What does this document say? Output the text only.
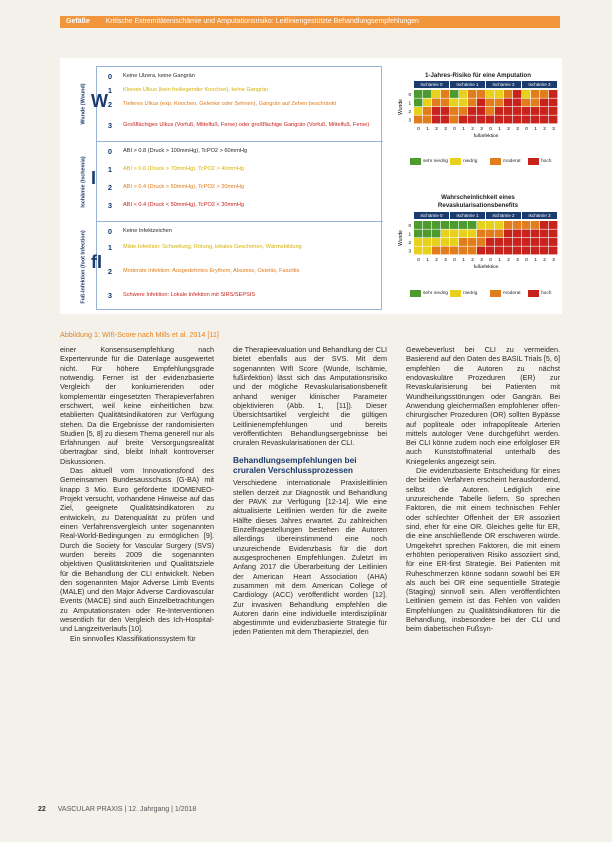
Gefäße Kritische Extremitätenischämie und Amputationsrisiko: Leitliniengestützte Behandlungsempfehlungen
Wunde (Wound) W
0	Keine Ulzera, keine Gangrän
1	Kleines Ulkus (kein freiliegender Knochen), keine Gangrän
2	Tieferes Ulkus (exp. Knochen, Gelenke oder Sehnen), Gangrän auf Zehen beschränkt
3	Großflächiges Ulkus (Vorfuß, Mittelfuß, Ferse) oder großflächige Gangrän (Vorfuß, Mittelfuß, Ferse)
Ischämie (Ischemia) I
0	ABI > 0.8 (Druck > 100mmHg), TcPO2 > 60mmHg
1	ABI > 0.6 (Druck > 70mmHg), TcPO2 > 40mmHg
2	ABI > 0.4 (Druck > 50mmHg), TcPO2 > 30mmHg
3	ABI < 0.4 (Druck < 50mmHg), TcPO2 < 30mmHg
Fuß-Infektion (foot Infection) fI
0	Keine Infektzeichen
1	Milde Infektion: Schwellung, Rötung, lokales Geschehen, Wärmebildung
2	Moderate Infektion: Ausgedehntes Erythem, Abszess, Osteitis, Fasziitis
3	Schwere Infektion: Lokale Infektion mit SIRS/SEPSIS
1-Jahres-Risiko für eine Amputation
Ischämie 0	Ischämie 1	Ischämie 2	Ischämie 3
Wunde
0
1
2
3
0 1 2 3 0 1 2 3 0 1 2 3 0 1 2 3
fußinfektion
sehr niedrig	niedrig	moderat	hoch
Wahrscheinlichkeit eines Revaskularisationsbenefits
Ischämie 0	Ischämie 1	Ischämie 2	Ischämie 3
Wunde
0
1
2
3
0 1 2 3 0 1 2 3 0 1 2 3 0 1 2 3
fußinfektion
sehr niedrig	niedrig	moderat	hoch
Abbildung 1: WIfI-Score nach Mills et al. 2014 [11]

einer Konsensusempfehlung nach Expertenrunde für die Datenlage ausgewertet nicht. Für höhere Empfehlungsgrade notwendig. Ferner ist der evidenzbasierte Vergleich der konkurrierenden oder komplementär eingesetzten Therapieverfahren erschwert, weil keine einheitlichen bzw. etablierten Qualitätsindikatoren zur Verfügung stehen. Da die Ergebnisse der randomisierten Studien [5, 8] zu diesem Thema generell nur als Erfahrungen auf breite Versorgungsrealität übertragbar sind, bleibt Inhalt kontroverser Diskussionen.

Das aktuell vom Innovationsfond des Gemeinsamen Bundesausschuss (G-BA) mit knapp 3 Mio. Euro geförderte IDOMENEO-Projekt versucht, vorhandene Hinweise auf das Ziel, geeignete Qualitätsindikatoren zu entwickeln, zu Datenqualität zu prüfen und einen Verfahrensvergleich unter sogenannten Real-World-Bedingungen zu ermöglichen [9]. Durch die Society for Vascular Surgery (SVS) wurden bereits 2009 die sogenannten objektiven Qualitätskriterien und Qualitätsziele für die Behandlung der CLI entwickelt. Neben den sogenannten Major Adverse Limb Events (MALE) und den Major Adverse Cardiovascular Events (MACE) sind auch Einzelbetrachtungen zu Amputationsraten oder Re-Interventionen wesentlich für den Vergleich des Ich-Hospital- und Langzeitverlaufs [10].

Ein sinnvolles Klassifikationssystem für

die Therapieevaluation und Behandlung der CLI bietet ebenfalls aus der SVS. Mit dem sogenannten WIfI Score (Wunde, Ischämie, fußinfektion) lässt sich das Amputationsrisiko und der mögliche Revaskularisationsbenefit anhand weniger klinischer Parameter objektivieren (Abb. 1, [11]). Dieser Übersichtsartikel vergleicht die gültigen Leitlinienempfehlungen und bereits veröffentlichten Behandlungsergebnisse bei cruralen Revaskularisationen der CLI.

Behandlungsempfehlungen bei cruralen Verschlussprozessen

Verschiedene internationale Praxisleitlinien stellen derzeit zur Diagnostik und Behandlung der PAVK zur Verfügung [12-14]. Wie eine aktualisierte Leitlinien werden für die zweite Hälfte dieses Jahres erwartet. Zu zahlreichen Einzelfragestellungen bestehen die Autoren allerdings übereinstimmend eine noch unzureichende Evidenzbasis für die dort ausgesprochenen Empfehlungen. Zuletzt im Anfang 2017 die Überarbeitung der Leitlinien der American Heart Association (AHA) zusammen mit dem American College of Cardiology (ACC) veröffentlicht worden [12]. Zur invasiven Behandlung empfehlen die Autoren darin eine individuelle interdisziplinär abgestimmte und evidenzbasierte Strategie für jeden Patienten mit dem Therapieziel, den

Gewebeverlust bei CLI zu vermeiden. Basierend auf den Daten des BASIL Trials [5, 6] empfehlen die Autoren zu nächst endovaskuläre Prozeduren (ER) zur Revaskularisierung bei Patienten mit Wundheilungsstörungen oder Gangrän. Bei Anwendung gleichermaßen empfohlener offen-chirurgischer Prozeduren (OR) sollten Bypässe auf popliteale oder infrapopliteale Arterien mittels autologer Vene durchgeführt werden. Bei CLI könne zudem noch eine erfolgloser ER auch Kunststoffmaterial unterhalb des Kniegelenks angezeigt sein.

Die evidenzbasierte Entscheidung für eines der beiden Verfahren erscheint herausfordernd, selbst die Autoren. Lediglich eine unzureichende Tabelle liefern. So sprechen Faktoren, die mit einem technischen Fehler oder schlechter Offenheit der ER assoziiert sind, eher für eine OR. Gleiches gelte für ER, die eine anschließende OR erschweren würde. Umgekehrt sprechen Faktoren, die mit einem erhöhten perioperativen Risiko assoziiert sind, für eine ER-first Strategie. Bei Patienten mit Ruheschmerzen könne sodann sowohl bei ER als auch bei OR eine sequentielle Strategie (Staging) sinnvoll sein. Allen veröffentlichten Leitlinien gemein ist das Fehlen von validen Empfehlungen zu Qualitätsindikatoren für die Behandlung, insbesondere bei der CLI und beim diabetischen Fußsyn-

22 VASCULAR PRAXIS | 12. Jahrgang | 1/2018
